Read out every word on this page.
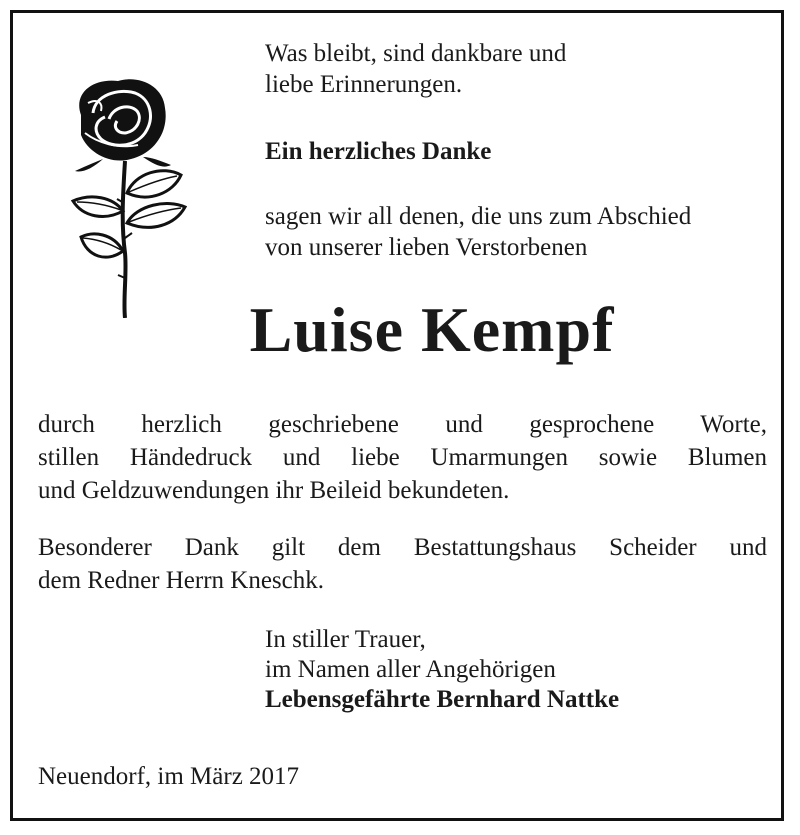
Was bleibt, sind dankbare und
liebe Erinnerungen.
Ein herzliches Danke
sagen wir all denen, die uns zum Abschied
von unserer lieben Verstorbenen
Luise Kempf
durch herzlich geschriebene und gesprochene Worte,
stillen Händedruck und liebe Umarmungen sowie Blumen
und Geldzuwendungen ihr Beileid bekundeten.
Besonderer Dank gilt dem Bestattungshaus Scheider und
dem Redner Herrn Kneschk.
In stiller Trauer,
im Namen aller Angehörigen
Lebensgefährte Bernhard Nattke
Neuendorf, im März 2017
